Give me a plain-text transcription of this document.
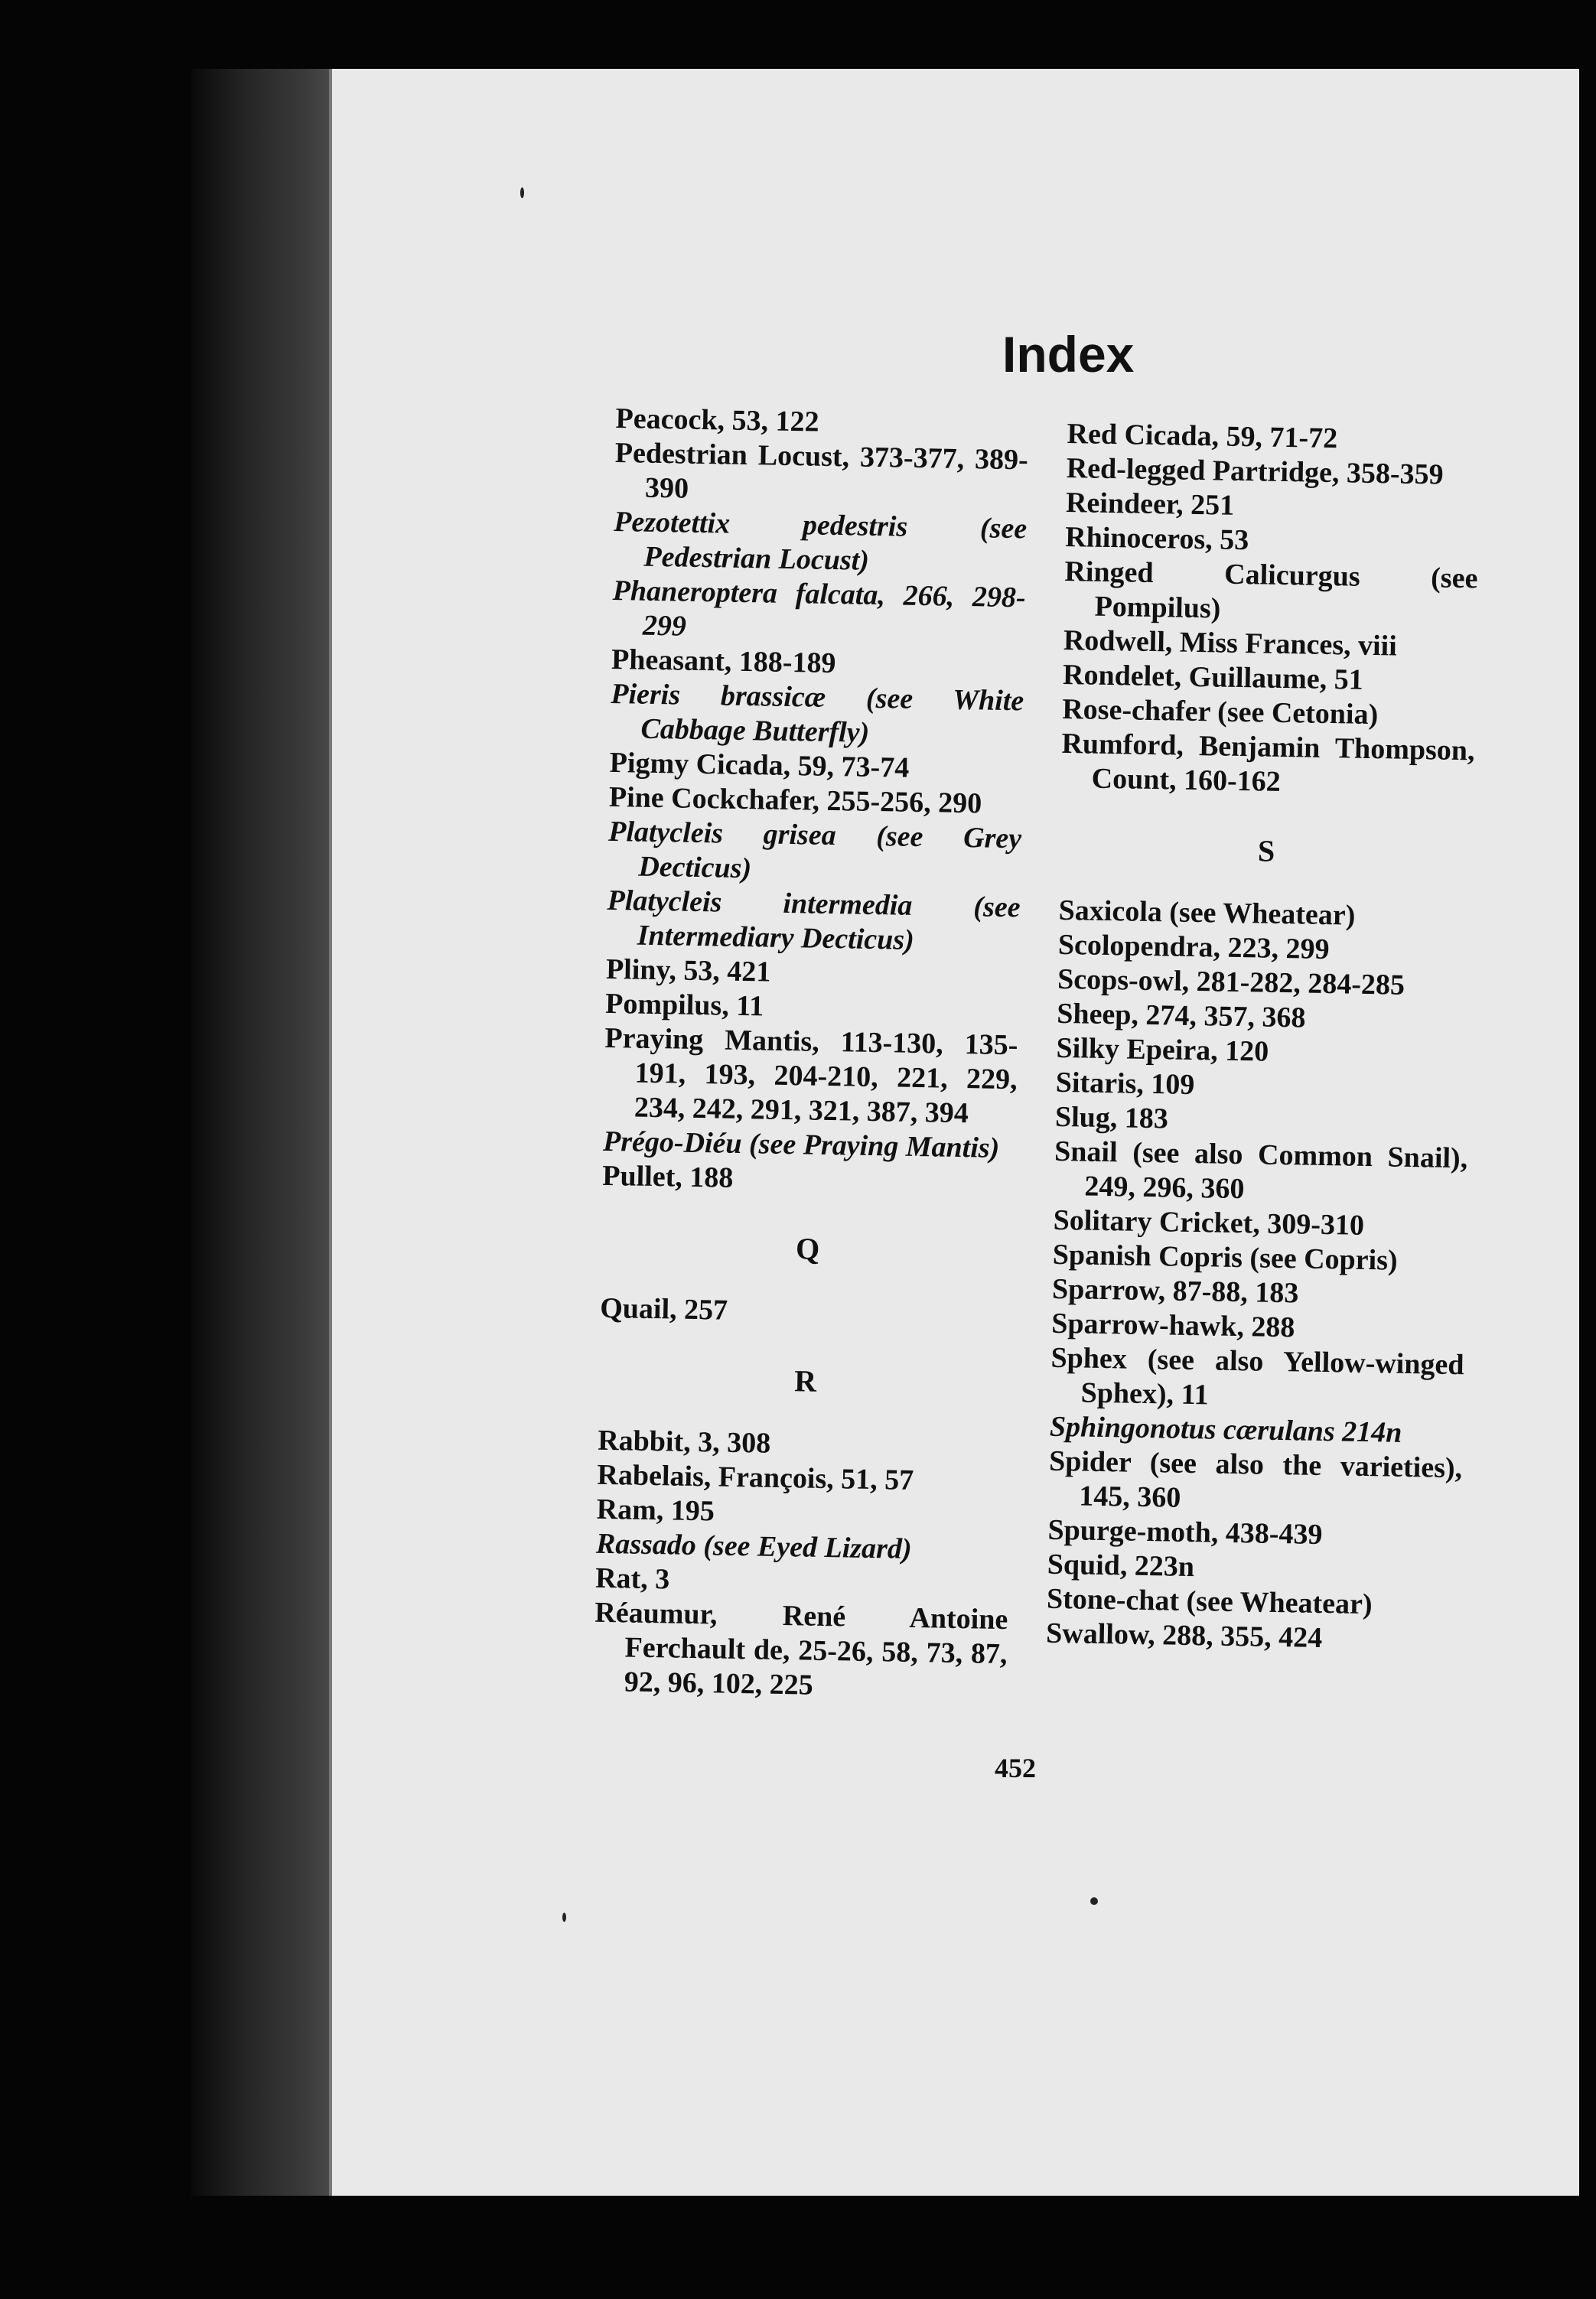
Index

Peacock, 53, 122

Pedestrian Locust, 373-377, 389-390

Pezotettix pedestris (see Pedestrian Locust)

Phaneroptera falcata, 266, 298-299

Pheasant, 188-189

Pieris brassicæ (see White Cabbage Butterfly)

Pigmy Cicada, 59, 73-74

Pine Cockchafer, 255-256, 290

Platycleis grisea (see Grey Decticus)

Platycleis intermedia (see Intermediary Decticus)

Pliny, 53, 421

Pompilus, 11

Praying Mantis, 113-130, 135-191, 193, 204-210, 221, 229, 234, 242, 291, 321, 387, 394

Prégo-Diéu (see Praying Mantis)

Pullet, 188

Q

Quail, 257

R

Rabbit, 3, 308

Rabelais, François, 51, 57

Ram, 195

Rassado (see Eyed Lizard)

Rat, 3

Réaumur, René Antoine Ferchault de, 25-26, 58, 73, 87, 92, 96, 102, 225

Red Cicada, 59, 71-72

Red-legged Partridge, 358-359

Reindeer, 251

Rhinoceros, 53

Ringed Calicurgus (see Pompilus)

Rodwell, Miss Frances, viii

Rondelet, Guillaume, 51

Rose-chafer (see Cetonia)

Rumford, Benjamin Thompson, Count, 160-162

S

Saxicola (see Wheatear)

Scolopendra, 223, 299

Scops-owl, 281-282, 284-285

Sheep, 274, 357, 368

Silky Epeira, 120

Sitaris, 109

Slug, 183

Snail (see also Common Snail), 249, 296, 360

Solitary Cricket, 309-310

Spanish Copris (see Copris)

Sparrow, 87-88, 183

Sparrow-hawk, 288

Sphex (see also Yellow-winged Sphex), 11

Sphingonotus cærulans 214n

Spider (see also the varieties), 145, 360

Spurge-moth, 438-439

Squid, 223n

Stone-chat (see Wheatear)

Swallow, 288, 355, 424

452
